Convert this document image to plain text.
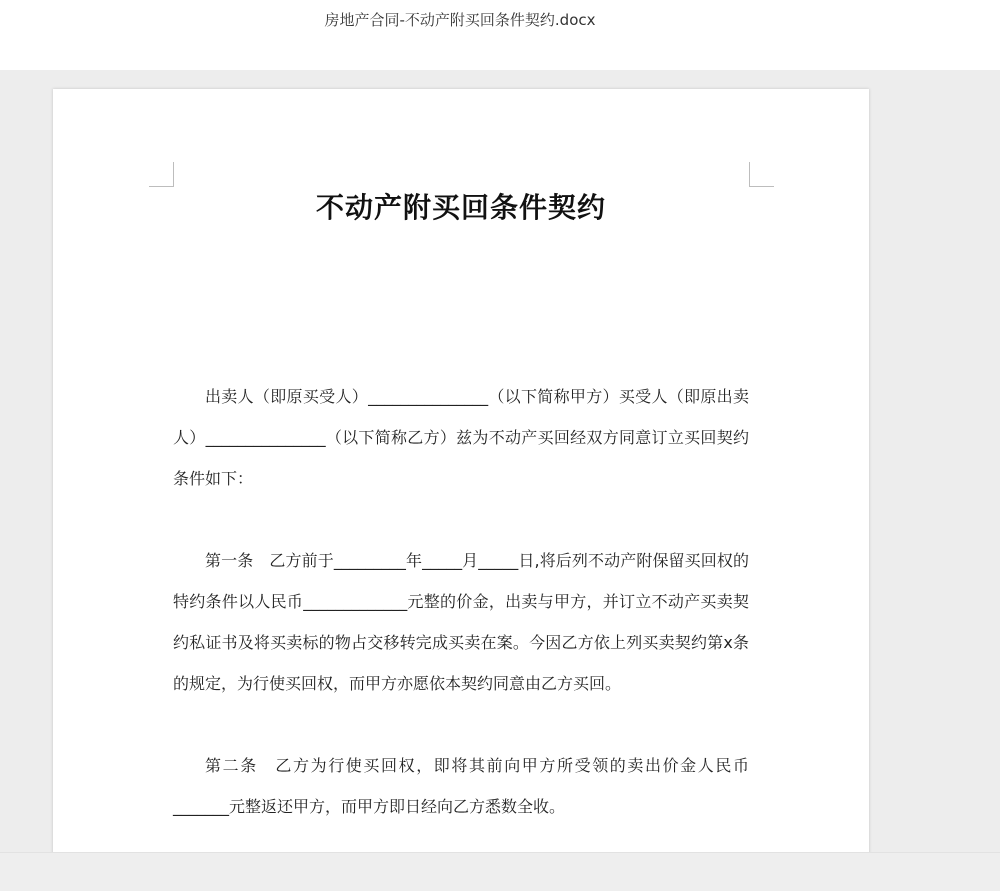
房地产合同-不动产附买回条件契约.docx
不动产附买回条件契约

出卖人（即原买受人）_______________（以下简称甲方）买受人（即原出卖人）_______________（以下简称乙方）兹为不动产买回经双方同意订立买回契约条件如下：

第一条　乙方前于_________年_____月_____日,将后列不动产附保留买回权的特约条件以人民币_____________元整的价金，出卖与甲方，并订立不动产买卖契约私证书及将买卖标的物占交移转完成买卖在案。今因乙方依上列买卖契约第x条的规定，为行使买回权，而甲方亦愿依本契约同意由乙方买回。

第二条　乙方为行使买回权，即将其前向甲方所受领的卖出价金人民币_______元整返还甲方，而甲方即日经向乙方悉数全收。
